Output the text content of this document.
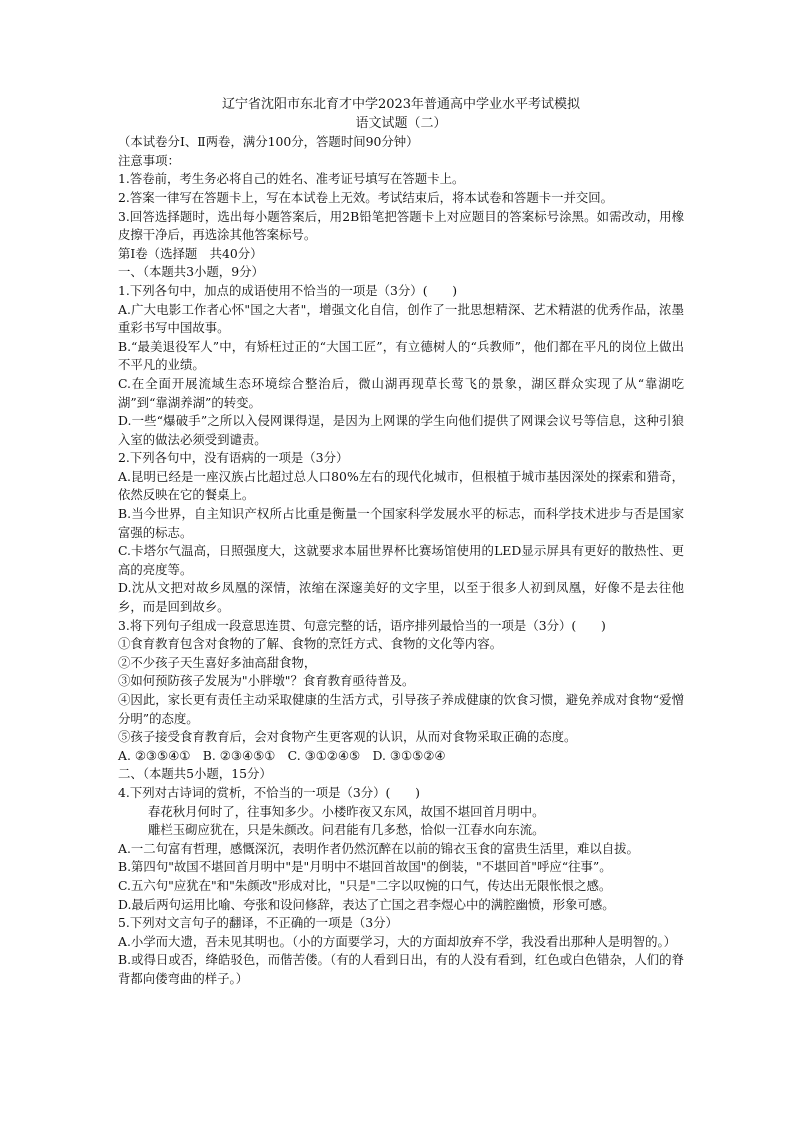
辽宁省沈阳市东北育才中学2023年普通高中学业水平考试模拟
语文试题（二）
（本试卷分Ⅰ、Ⅱ两卷，满分100分，答题时间90分钟）
注意事项：
1.答卷前，考生务必将自己的姓名、准考证号填写在答题卡上。
2.答案一律写在答题卡上，写在本试卷上无效。考试结束后，将本试卷和答题卡一并交回。
3.回答选择题时，选出每小题答案后，用2B铅笔把答题卡上对应题目的答案标号涂黑。如需改动，用橡皮擦干净后，再选涂其他答案标号。
第Ⅰ卷（选择题　共40分）
一、（本题共3小题，9分）
1.下列各句中，加点的成语使用不恰当的一项是（3分）(　　)
A.广大电影工作者心怀"国之大者"，增强文化自信，创作了一批思想精深、艺术精湛的优秀作品，浓墨重彩书写中国故事。
B.“最美退役军人”中，有矫枉过正的“大国工匠”，有立德树人的“兵教师”，他们都在平凡的岗位上做出不平凡的业绩。
C.在全面开展流域生态环境综合整治后，微山湖再现草长莺飞的景象，湖区群众实现了从“靠湖吃湖”到“靠湖养湖”的转变。
D.一些“爆破手”之所以入侵网课得逞，是因为上网课的学生向他们提供了网课会议号等信息，这种引狼入室的做法必须受到谴责。
2.下列各句中，没有语病的一项是（3分）
A.昆明已经是一座汉族占比超过总人口80%左右的现代化城市，但根植于城市基因深处的探索和猎奇，依然反映在它的餐桌上。
B.当今世界，自主知识产权所占比重是衡量一个国家科学发展水平的标志，而科学技术进步与否是国家富强的标志。
C.卡塔尔气温高，日照强度大，这就要求本届世界杯比赛场馆使用的LED显示屏具有更好的散热性、更高的亮度等。
D.沈从文把对故乡凤凰的深情，浓缩在深邃美好的文字里，以至于很多人初到凤凰，好像不是去往他乡，而是回到故乡。
3.将下列句子组成一段意思连贯、句意完整的话，语序排列最恰当的一项是（3分）(　　)
①食育教育包含对食物的了解、食物的烹饪方式、食物的文化等内容。
②不少孩子天生喜好多油高甜食物，
③如何预防孩子发展为"小胖墩"？食育教育亟待普及。
④因此，家长更有责任主动采取健康的生活方式，引导孩子养成健康的饮食习惯，避免养成对食物“爱憎分明”的态度。
⑤孩子接受食育教育后，会对食物产生更客观的认识，从而对食物采取正确的态度。
A. ②③⑤④①　B. ②③④⑤①　C. ③①②④⑤　D. ③①⑤②④
二、（本题共5小题，15分）
4.下列对古诗词的赏析，不恰当的一项是（3分）(　　)
春花秋月何时了，往事知多少。小楼昨夜又东风，故国不堪回首月明中。
雕栏玉砌应犹在，只是朱颜改。问君能有几多愁，恰似一江春水向东流。
A.一二句富有哲理，感慨深沉，表明作者仍然沉醉在以前的锦衣玉食的富贵生活里，难以自拔。
B.第四句"故国不堪回首月明中"是"月明中不堪回首故国"的倒装，"不堪回首"呼应“往事”。
C.五六句"应犹在"和"朱颜改"形成对比，"只是"二字以叹惋的口气，传达出无限怅恨之感。
D.最后两句运用比喻、夸张和设问修辞，表达了亡国之君李煜心中的满腔幽愤，形象可感。
5.下列对文言句子的翻译，不正确的一项是（3分）
A.小学而大遗，吾未见其明也。（小的方面要学习，大的方面却放弃不学，我没看出那种人是明智的。）
B.或得日或否，绛皓驳色，而偕苦偻。（有的人看到日出，有的人没有看到，红色或白色错杂，人们的脊背都向偻弯曲的样子。）
